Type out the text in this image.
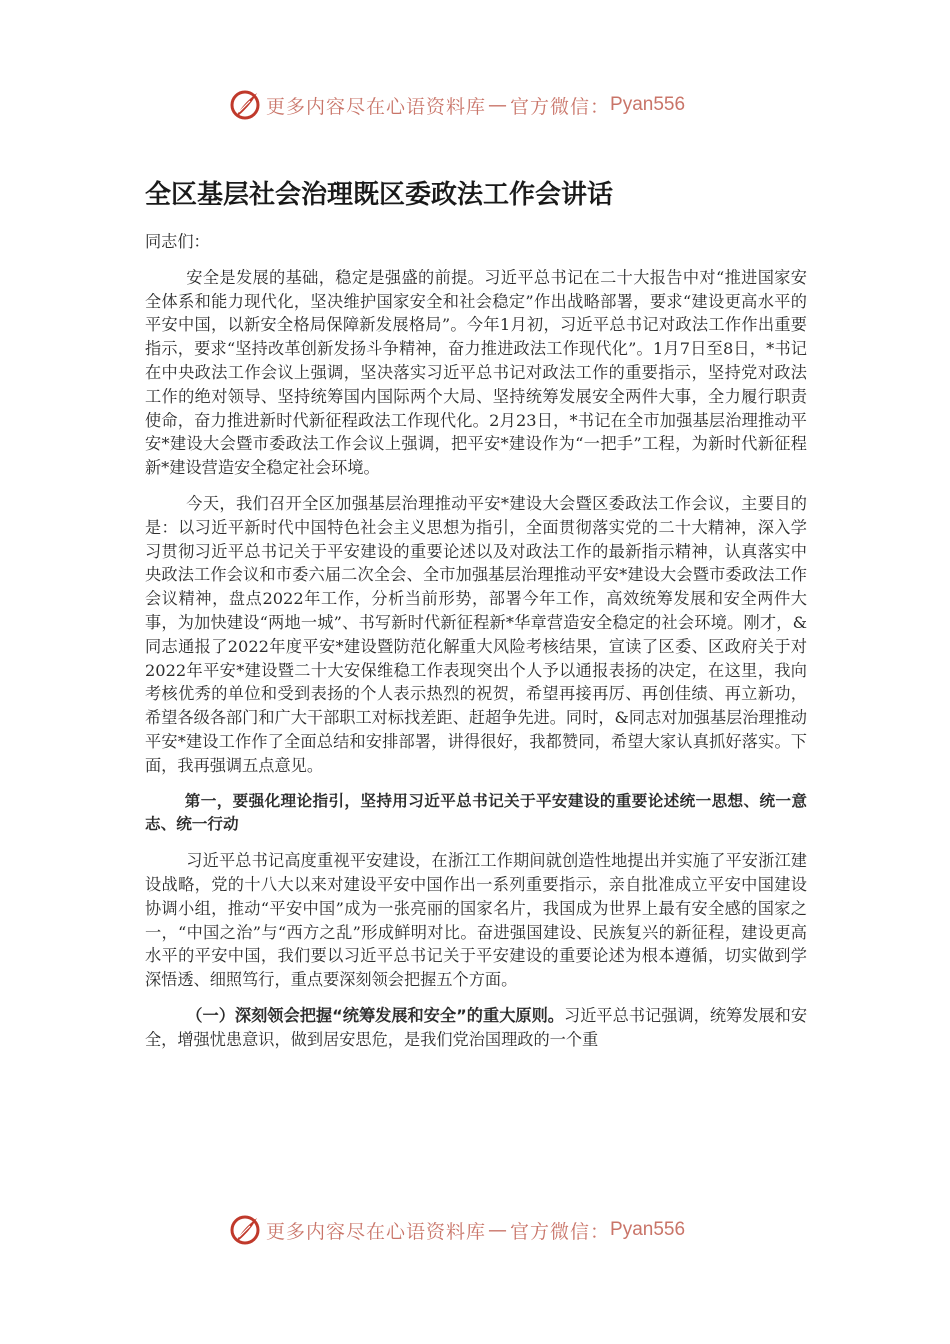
更多内容尽在心语资料库 — 官方微信： Pyan556
全区基层社会治理既区委政法工作会讲话

同志们：

安全是发展的基础，稳定是强盛的前提。习近平总书记在二十大报告中对“推进国家安全体系和能力现代化，坚决维护国家安全和社会稳定”作出战略部署，要求“建设更高水平的平安中国，以新安全格局保障新发展格局”。今年1月初，习近平总书记对政法工作作出重要指示，要求“坚持改革创新发扬斗争精神，奋力推进政法工作现代化”。1月7日至8日，*书记在中央政法工作会议上强调，坚决落实习近平总书记对政法工作的重要指示，坚持党对政法工作的绝对领导、坚持统筹国内国际两个大局、坚持统筹发展安全两件大事，全力履行职责使命，奋力推进新时代新征程政法工作现代化。2月23日，*书记在全市加强基层治理推动平安*建设大会暨市委政法工作会议上强调，把平安*建设作为“一把手”工程，为新时代新征程新*建设营造安全稳定社会环境。

今天，我们召开全区加强基层治理推动平安*建设大会暨区委政法工作会议，主要目的是：以习近平新时代中国特色社会主义思想为指引，全面贯彻落实党的二十大精神，深入学习贯彻习近平总书记关于平安建设的重要论述以及对政法工作的最新指示精神，认真落实中央政法工作会议和市委六届二次全会、全市加强基层治理推动平安*建设大会暨市委政法工作会议精神，盘点2022年工作，分析当前形势，部署今年工作，高效统筹发展和安全两件大事，为加快建设“两地一城”、书写新时代新征程新*华章营造安全稳定的社会环境。刚才，&同志通报了2022年度平安*建设暨防范化解重大风险考核结果，宣读了区委、区政府关于对2022年平安*建设暨二十大安保维稳工作表现突出个人予以通报表扬的决定，在这里，我向考核优秀的单位和受到表扬的个人表示热烈的祝贺，希望再接再厉、再创佳绩、再立新功，希望各级各部门和广大干部职工对标找差距、赶超争先进。同时，&同志对加强基层治理推动平安*建设工作作了全面总结和安排部署，讲得很好，我都赞同，希望大家认真抓好落实。下面，我再强调五点意见。

第一，要强化理论指引，坚持用习近平总书记关于平安建设的重要论述统一思想、统一意志、统一行动

习近平总书记高度重视平安建设，在浙江工作期间就创造性地提出并实施了平安浙江建设战略，党的十八大以来对建设平安中国作出一系列重要指示，亲自批准成立平安中国建设协调小组，推动“平安中国”成为一张亮丽的国家名片，我国成为世界上最有安全感的国家之一，“中国之治”与“西方之乱”形成鲜明对比。奋进强国建设、民族复兴的新征程，建设更高水平的平安中国，我们要以习近平总书记关于平安建设的重要论述为根本遵循，切实做到学深悟透、细照笃行，重点要深刻领会把握五个方面。

（一）深刻领会把握“统筹发展和安全”的重大原则。习近平总书记强调，统筹发展和安全，增强忧患意识，做到居安思危，是我们党治国理政的一个重

更多内容尽在心语资料库 — 官方微信： Pyan556
